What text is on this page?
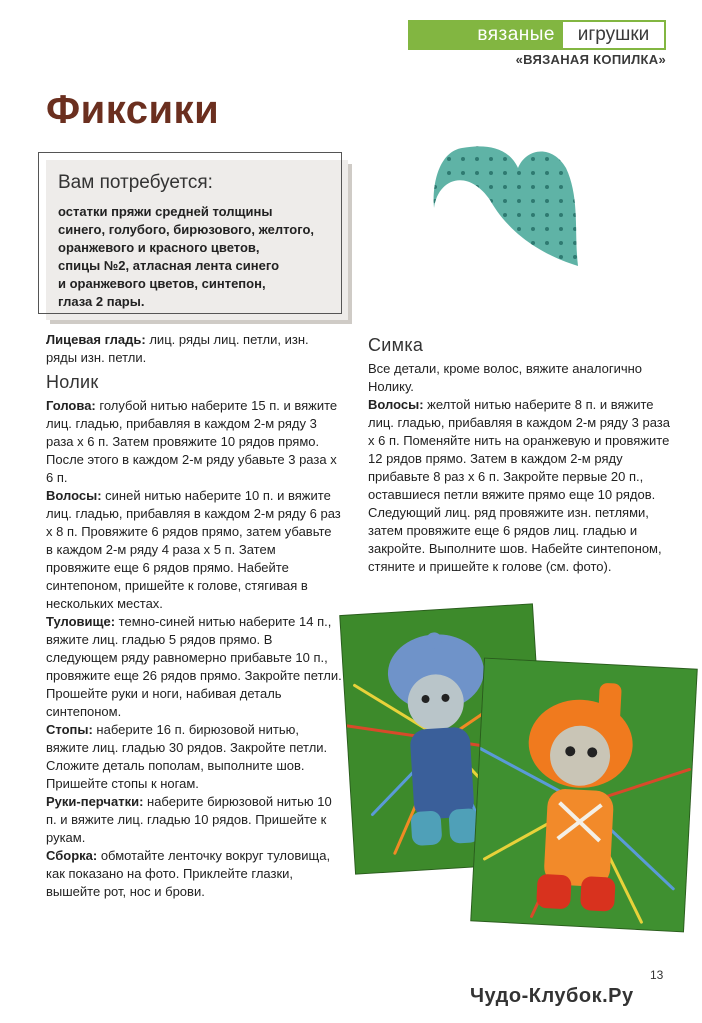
вязаные	игрушки
«ВЯЗАНАЯ КОПИЛКА»
Фиксики
Вам потребуется:
остатки пряжи средней толщины
синего, голубого, бирюзового, желтого,
оранжевого и красного цветов,
спицы №2, атласная лента синего
и оранжевого цветов, синтепон,
глаза 2 пары.

Лицевая гладь: лиц. ряды лиц. петли, изн. ряды изн. петли.

Нолик

Голова: голубой нитью наберите 15 п. и вяжите лиц. гладью, прибавляя в каждом 2-м ряду 3 раза х 6 п. Затем провяжите 10 рядов прямо. После этого в каждом 2-м ряду убавьте 3 раза х 6 п.

Волосы: синей нитью наберите 10 п. и вяжите лиц. гладью, прибавляя в каждом 2-м ряду 6 раз х 8 п. Провяжите 6 рядов прямо, затем убавьте в каждом 2-м ряду 4 раза х 5 п. Затем провяжите еще 6 рядов прямо. Набейте синтепоном, пришейте к голове, стягивая в нескольких местах.

Туловище: темно-синей нитью наберите 14 п., вяжите лиц. гладью 5 рядов прямо. В следующем ряду равномерно прибавьте 10 п., провяжите еще 26 рядов прямо. Закройте петли. Прошейте руки и ноги, набивая деталь синтепоном.

Стопы: наберите 16 п. бирюзовой нитью, вяжите лиц. гладью 30 рядов. Закройте петли. Сложите деталь пополам, выполните шов. Пришейте стопы к ногам.

Руки-перчатки: наберите бирюзовой нитью 10 п. и вяжите лиц. гладью 10 рядов. Пришейте к рукам.

Сборка: обмотайте ленточку вокруг туловища, как показано на фото. Приклейте глазки, вышейте рот, нос и брови.

Симка

Все детали, кроме волос, вяжите аналогично Нолику.

Волосы: желтой нитью наберите 8 п. и вяжите лиц. гладью, прибавляя в каждом 2-м ряду 3 раза х 6 п. Поменяйте нить на оранжевую и провяжите 12 рядов прямо. Затем в каждом 2-м ряду прибавьте 8 раз х 6 п. Закройте первые 20 п., оставшиеся петли вяжите прямо еще 10 рядов. Следующий лиц. ряд провяжите изн. петлями, затем провяжите еще 6 рядов лиц. гладью и закройте. Выполните шов. Набейте синтепоном, стяните и пришейте к голове (см. фото).

13
Чудо-Клубок.Ру
